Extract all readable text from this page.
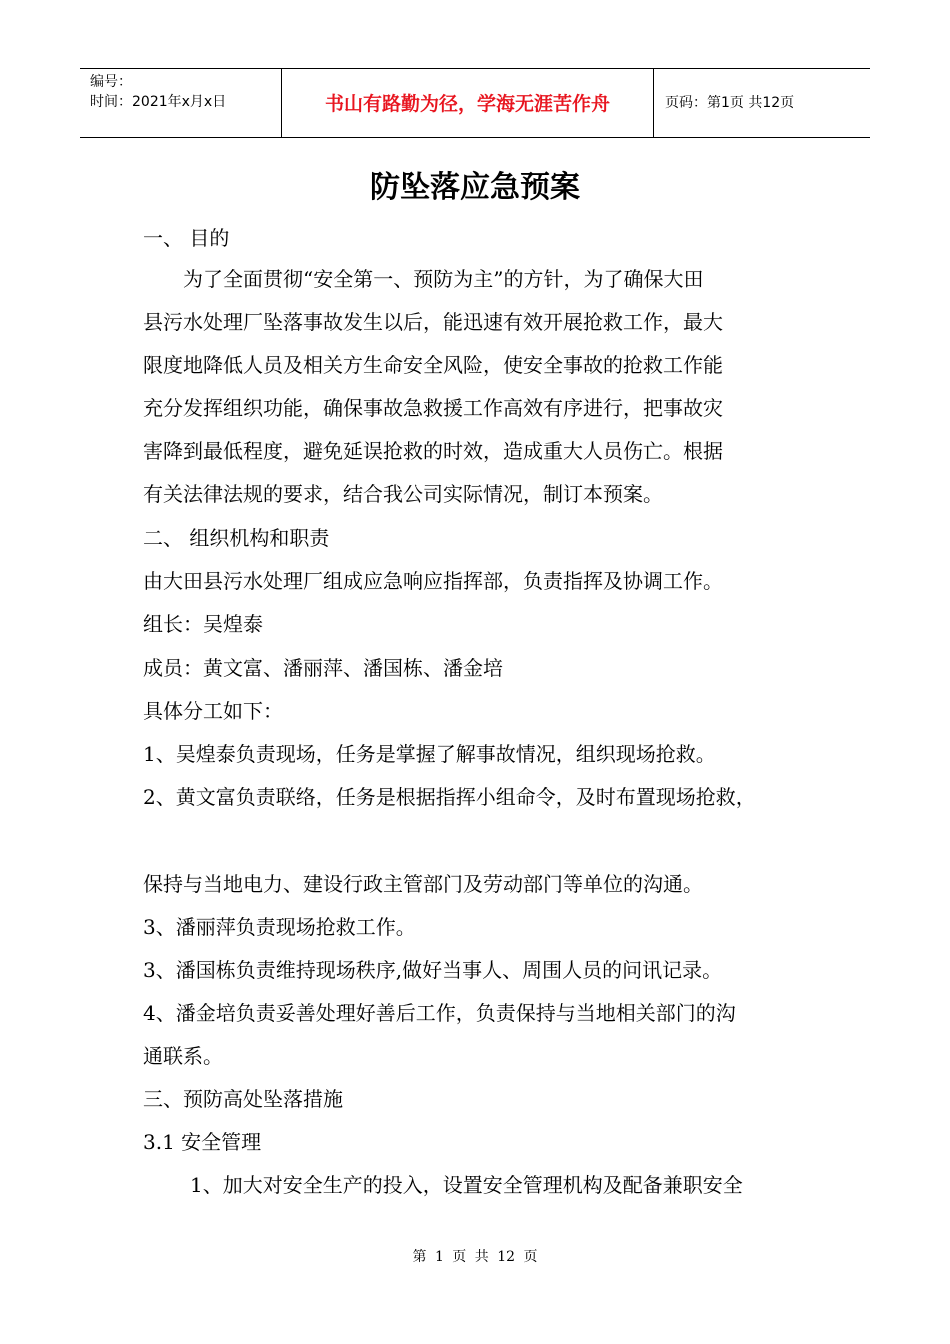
编号：
时间：2021年x月x日	书山有路勤为径，学海无涯苦作舟	页码：第1页 共12页
防坠落应急预案
一、 目的
为了全面贯彻“安全第一、预防为主”的方针，为了确保大田
县污水处理厂坠落事故发生以后，能迅速有效开展抢救工作，最大
限度地降低人员及相关方生命安全风险，使安全事故的抢救工作能
充分发挥组织功能，确保事故急救援工作高效有序进行，把事故灾
害降到最低程度，避免延误抢救的时效，造成重大人员伤亡。根据
有关法律法规的要求，结合我公司实际情况，制订本预案。
二、 组织机构和职责
由大田县污水处理厂组成应急响应指挥部，负责指挥及协调工作。
组长：吴煌泰
成员：黄文富、潘丽萍、潘国栋、潘金培
具体分工如下：
1、吴煌泰负责现场，任务是掌握了解事故情况，组织现场抢救。
2、黄文富负责联络，任务是根据指挥小组命令，及时布置现场抢救，
保持与当地电力、建设行政主管部门及劳动部门等单位的沟通。
3、潘丽萍负责现场抢救工作。
3、潘国栋负责维持现场秩序,做好当事人、周围人员的问讯记录。
4、潘金培负责妥善处理好善后工作，负责保持与当地相关部门的沟
通联系。
三、预防高处坠落措施
3.1 安全管理
1、加大对安全生产的投入，设置安全管理机构及配备兼职安全
第 1 页 共 12 页
